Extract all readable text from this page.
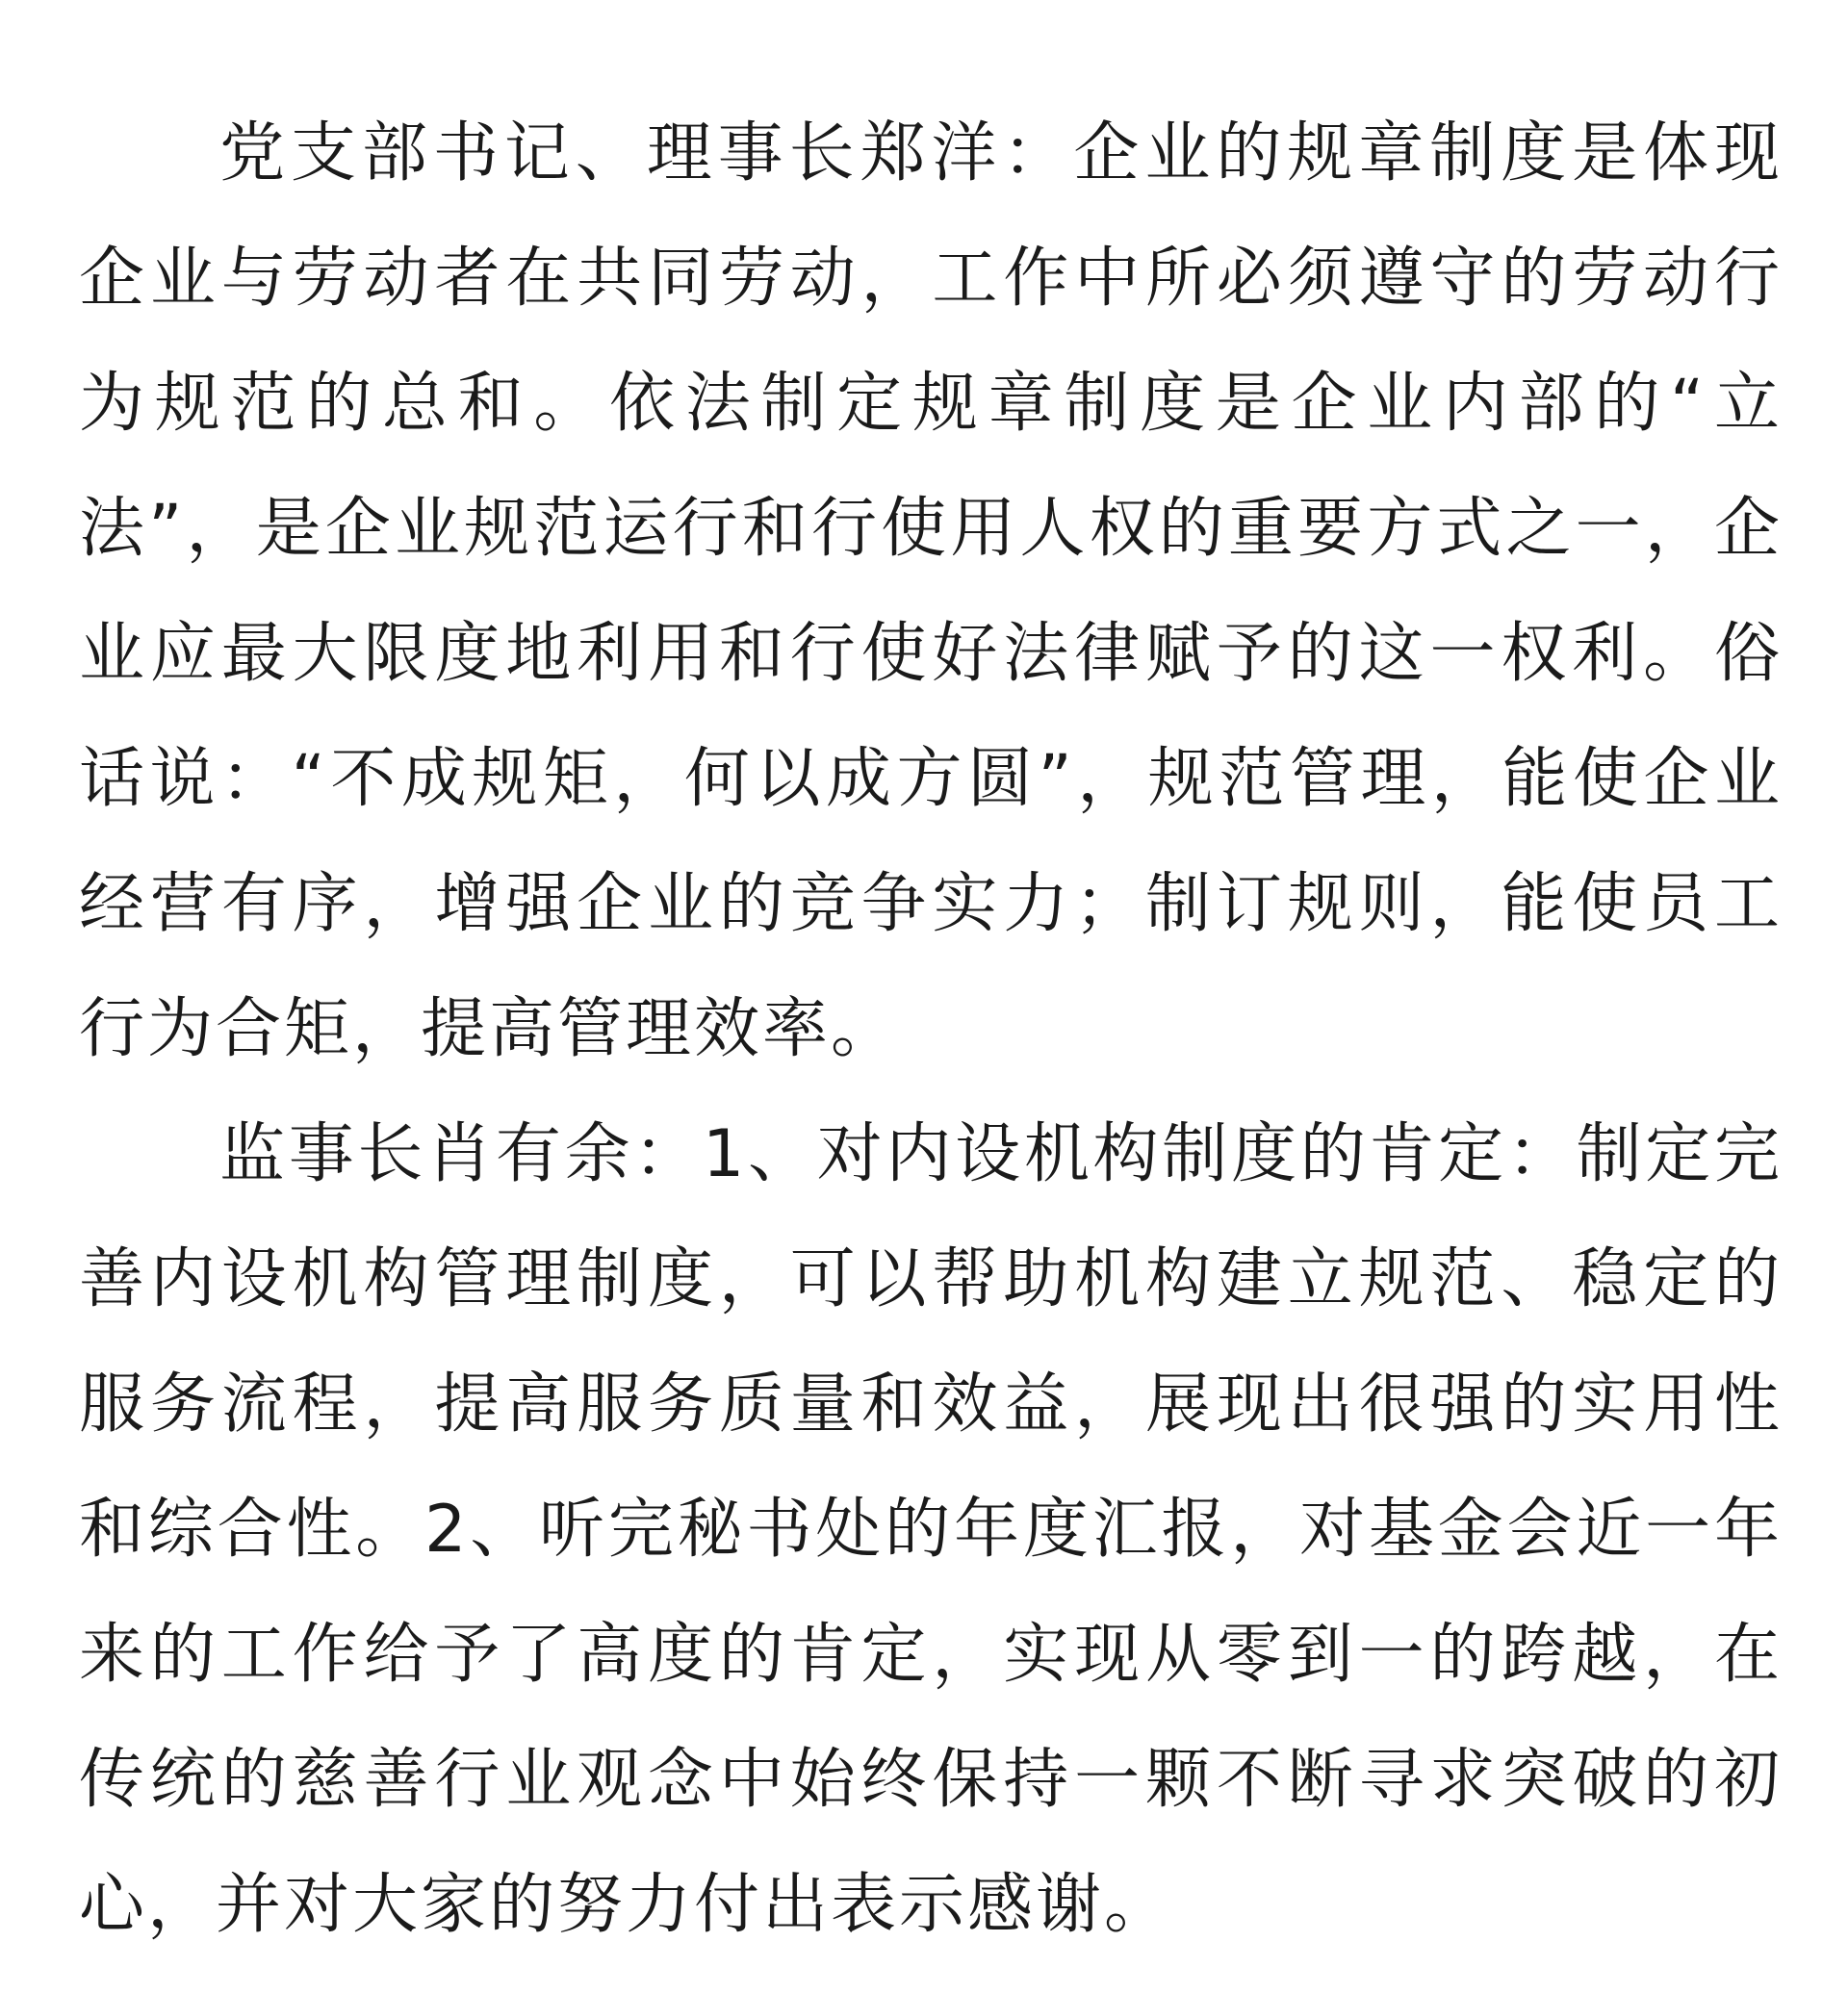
党支部书记、理事长郑洋：企业的规章制度是体现企业与劳动者在共同劳动，工作中所必须遵守的劳动行为规范的总和。依法制定规章制度是企业内部的“立法”，是企业规范运行和行使用人权的重要方式之一，企业应最大限度地利用和行使好法律赋予的这一权利。俗话说：“不成规矩，何以成方圆”，规范管理，能使企业经营有序，增强企业的竞争实力；制订规则，能使员工行为合矩，提高管理效率。

监事长肖有余：1、对内设机构制度的肯定：制定完善内设机构管理制度，可以帮助机构建立规范、稳定的服务流程，提高服务质量和效益，展现出很强的实用性和综合性。2、听完秘书处的年度汇报，对基金会近一年来的工作给予了高度的肯定，实现从零到一的跨越，在传统的慈善行业观念中始终保持一颗不断寻求突破的初心，并对大家的努力付出表示感谢。
